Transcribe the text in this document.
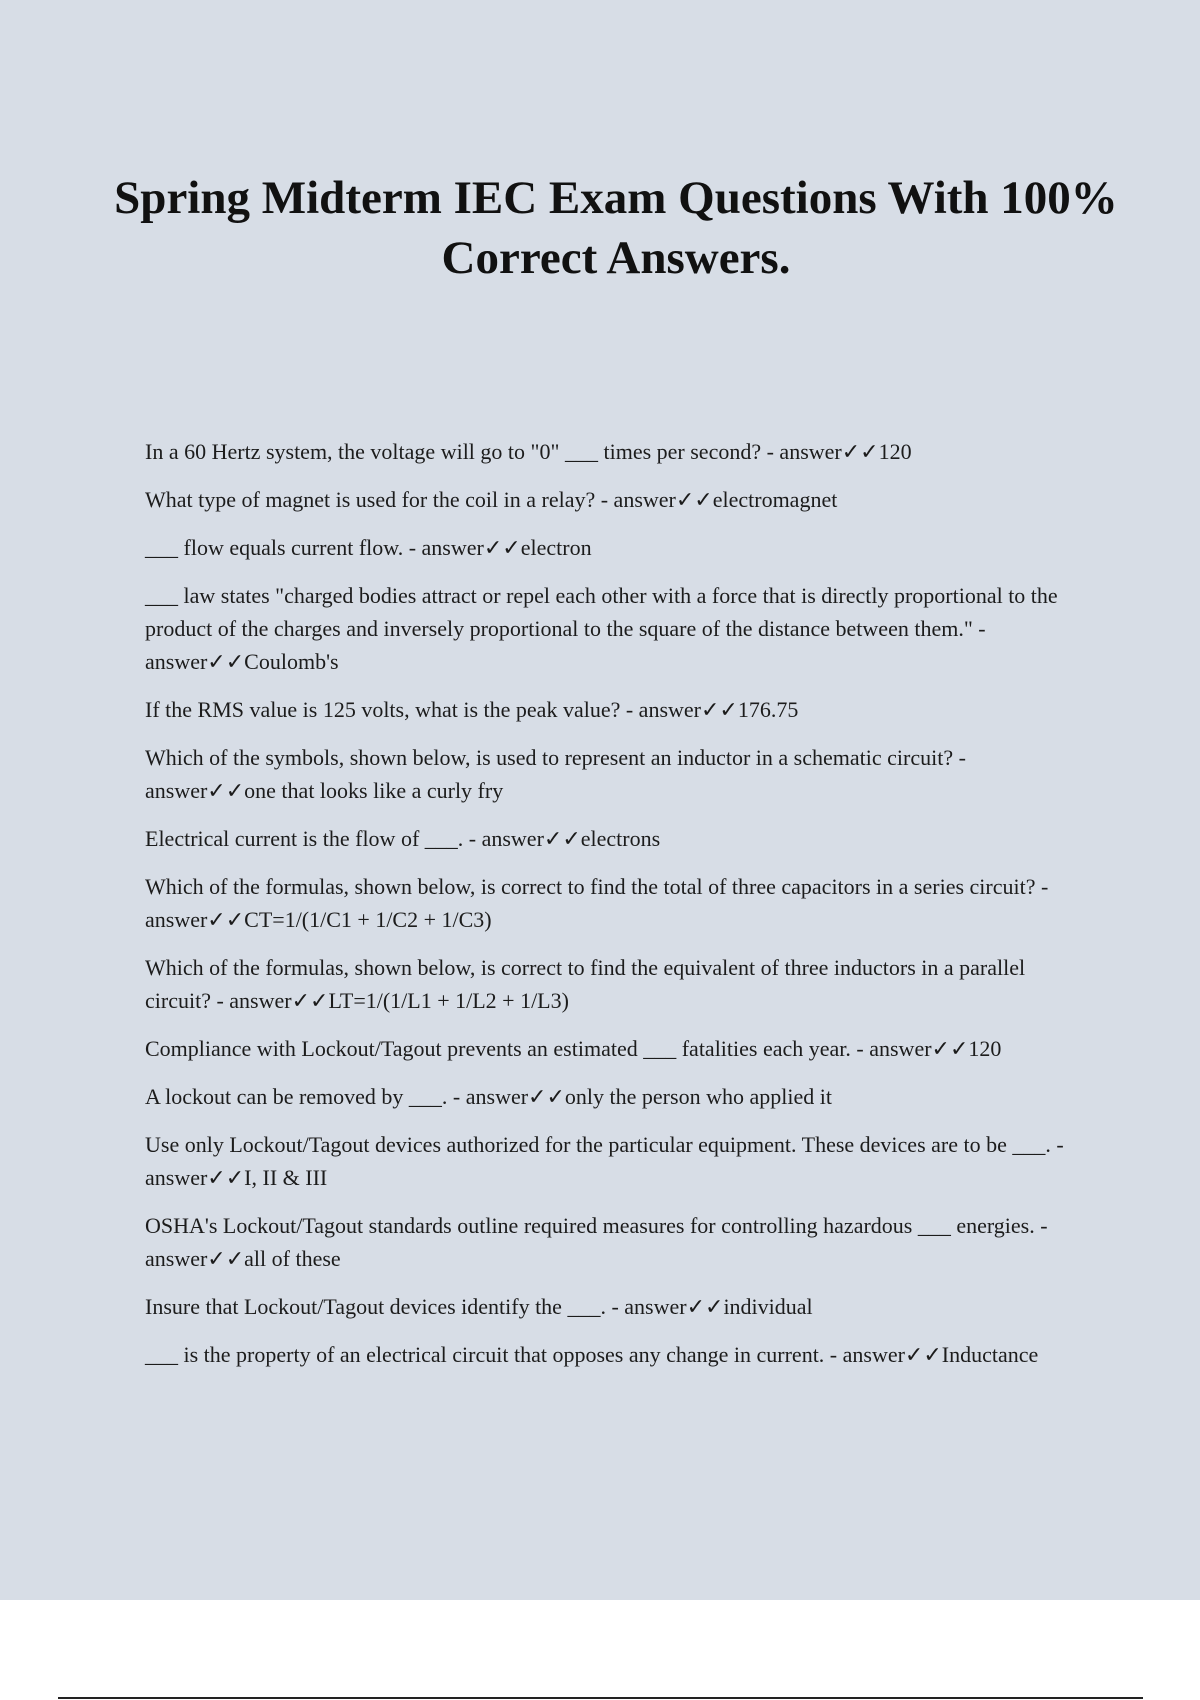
Spring Midterm IEC Exam Questions With 100% Correct Answers.
In a 60 Hertz system, the voltage will go to "0" ___ times per second? - answer✓✓120
What type of magnet is used for the coil in a relay? - answer✓✓electromagnet
___ flow equals current flow. - answer✓✓electron
___ law states "charged bodies attract or repel each other with a force that is directly proportional to the product of the charges and inversely proportional to the square of the distance between them." - answer✓✓Coulomb's
If the RMS value is 125 volts, what is the peak value? - answer✓✓176.75
Which of the symbols, shown below, is used to represent an inductor in a schematic circuit? - answer✓✓one that looks like a curly fry
Electrical current is the flow of ___. - answer✓✓electrons
Which of the formulas, shown below, is correct to find the total of three capacitors in a series circuit? - answer✓✓CT=1/(1/C1 + 1/C2 + 1/C3)
Which of the formulas, shown below, is correct to find the equivalent of three inductors in a parallel circuit? - answer✓✓LT=1/(1/L1 + 1/L2 + 1/L3)
Compliance with Lockout/Tagout prevents an estimated ___ fatalities each year. - answer✓✓120
A lockout can be removed by ___. - answer✓✓only the person who applied it
Use only Lockout/Tagout devices authorized for the particular equipment. These devices are to be ___. - answer✓✓I, II & III
OSHA's Lockout/Tagout standards outline required measures for controlling hazardous ___ energies. - answer✓✓all of these
Insure that Lockout/Tagout devices identify the ___. - answer✓✓individual
___ is the property of an electrical circuit that opposes any change in current. - answer✓✓Inductance
